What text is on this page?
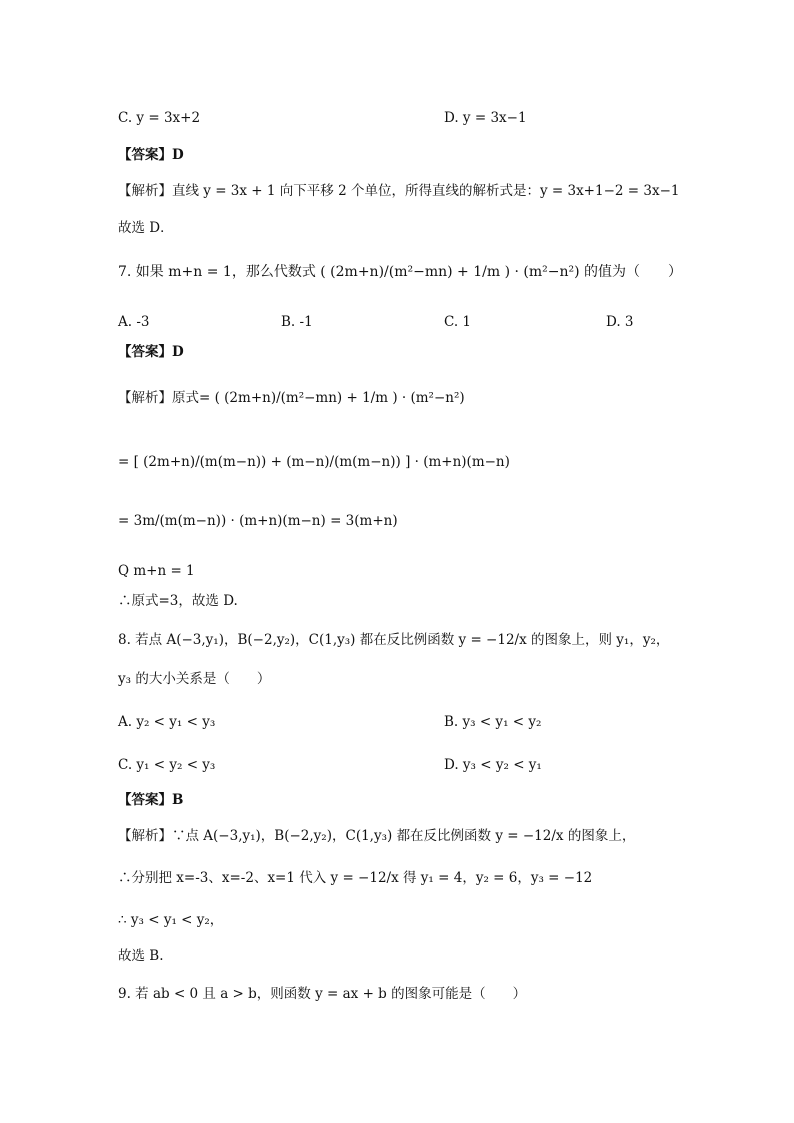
C. y = 3x+2	D. y = 3x−1
【答案】D
【解析】直线 y = 3x + 1 向下平移 2 个单位，所得直线的解析式是：y = 3x+1−2 = 3x−1
故选 D．
7. 如果 m+n = 1，那么代数式 ( (2m+n)/(m²−mn) + 1/m ) · (m²−n²) 的值为（　　）
A. -3	B. -1	C. 1	D. 3
【答案】D
【解析】原式= ( (2m+n)/(m²−mn) + 1/m ) · (m²−n²)
= [ (2m+n)/(m(m−n)) + (m−n)/(m(m−n)) ] · (m+n)(m−n)
= 3m/(m(m−n)) · (m+n)(m−n) = 3(m+n)
Q m+n = 1
∴原式=3，故选 D.
8. 若点 A(−3,y₁)，B(−2,y₂)，C(1,y₃) 都在反比例函数 y = −12/x 的图象上，则 y₁，y₂，
y₃ 的大小关系是（　　）
A. y₂ < y₁ < y₃	B. y₃ < y₁ < y₂
C. y₁ < y₂ < y₃	D. y₃ < y₂ < y₁
【答案】B
【解析】∵点 A(−3,y₁)，B(−2,y₂)，C(1,y₃) 都在反比例函数 y = −12/x 的图象上，
∴分别把 x=-3、x=-2、x=1 代入 y = −12/x 得 y₁ = 4，y₂ = 6，y₃ = −12
∴ y₃ < y₁ < y₂，
故选 B.
9. 若 ab < 0 且 a > b，则函数 y = ax + b 的图象可能是（　　）
